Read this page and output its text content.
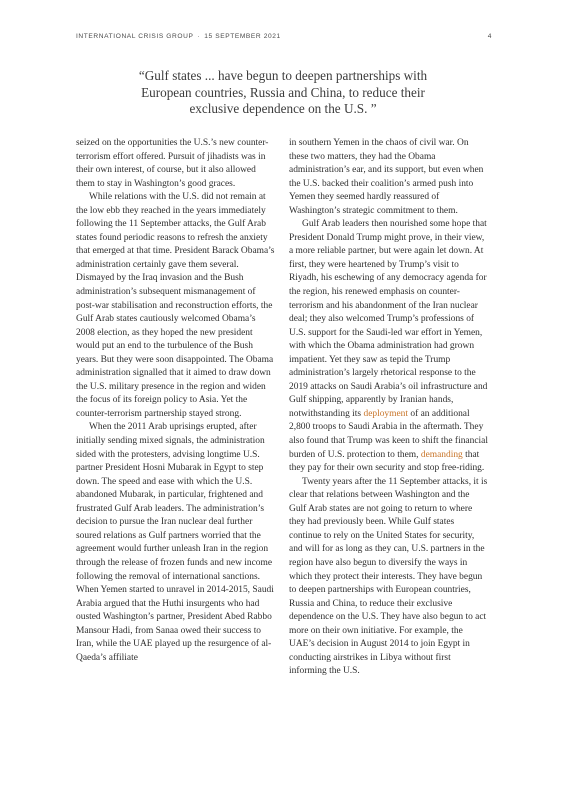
INTERNATIONAL CRISIS GROUP · 15 SEPTEMBER 2021	4
“Gulf states ... have begun to deepen partnerships with European countries, Russia and China, to reduce their exclusive dependence on the U.S. ”

seized on the opportunities the U.S.’s new counter-terrorism effort offered. Pursuit of jihadists was in their own interest, of course, but it also allowed them to stay in Washington’s good graces.

While relations with the U.S. did not remain at the low ebb they reached in the years immediately following the 11 September attacks, the Gulf Arab states found periodic reasons to refresh the anxiety that emerged at that time. President Barack Obama’s administration certainly gave them several. Dismayed by the Iraq invasion and the Bush administration’s subsequent mismanagement of post-war stabilisation and reconstruction efforts, the Gulf Arab states cautiously welcomed Obama’s 2008 election, as they hoped the new president would put an end to the turbulence of the Bush years. But they were soon disappointed. The Obama administration signalled that it aimed to draw down the U.S. military presence in the region and widen the focus of its foreign policy to Asia. Yet the counter-terrorism partnership stayed strong.

When the 2011 Arab uprisings erupted, after initially sending mixed signals, the administration sided with the protesters, advising longtime U.S. partner President Hosni Mubarak in Egypt to step down. The speed and ease with which the U.S. abandoned Mubarak, in particular, frightened and frustrated Gulf Arab leaders. The administration’s decision to pursue the Iran nuclear deal further soured relations as Gulf partners worried that the agreement would further unleash Iran in the region through the release of frozen funds and new income following the removal of international sanctions. When Yemen started to unravel in 2014-2015, Saudi Arabia argued that the Huthi insurgents who had ousted Washington’s partner, President Abed Rabbo Mansour Hadi, from Sanaa owed their success to Iran, while the UAE played up the resurgence of al-Qaeda’s affiliate

in southern Yemen in the chaos of civil war. On these two matters, they had the Obama administration’s ear, and its support, but even when the U.S. backed their coalition’s armed push into Yemen they seemed hardly reassured of Washington’s strategic commitment to them.

Gulf Arab leaders then nourished some hope that President Donald Trump might prove, in their view, a more reliable partner, but were again let down. At first, they were heartened by Trump’s visit to Riyadh, his eschewing of any democracy agenda for the region, his renewed emphasis on counter-terrorism and his abandonment of the Iran nuclear deal; they also welcomed Trump’s professions of U.S. support for the Saudi-led war effort in Yemen, with which the Obama administration had grown impatient. Yet they saw as tepid the Trump administration’s largely rhetorical response to the 2019 attacks on Saudi Arabia’s oil infrastructure and Gulf shipping, apparently by Iranian hands, notwithstanding its deployment of an additional 2,800 troops to Saudi Arabia in the aftermath. They also found that Trump was keen to shift the financial burden of U.S. protection to them, demanding that they pay for their own security and stop free-riding.

Twenty years after the 11 September attacks, it is clear that relations between Washington and the Gulf Arab states are not going to return to where they had previously been. While Gulf states continue to rely on the United States for security, and will for as long as they can, U.S. partners in the region have also begun to diversify the ways in which they protect their interests. They have begun to deepen partnerships with European countries, Russia and China, to reduce their exclusive dependence on the U.S. They have also begun to act more on their own initiative. For example, the UAE’s decision in August 2014 to join Egypt in conducting airstrikes in Libya without first informing the U.S.
